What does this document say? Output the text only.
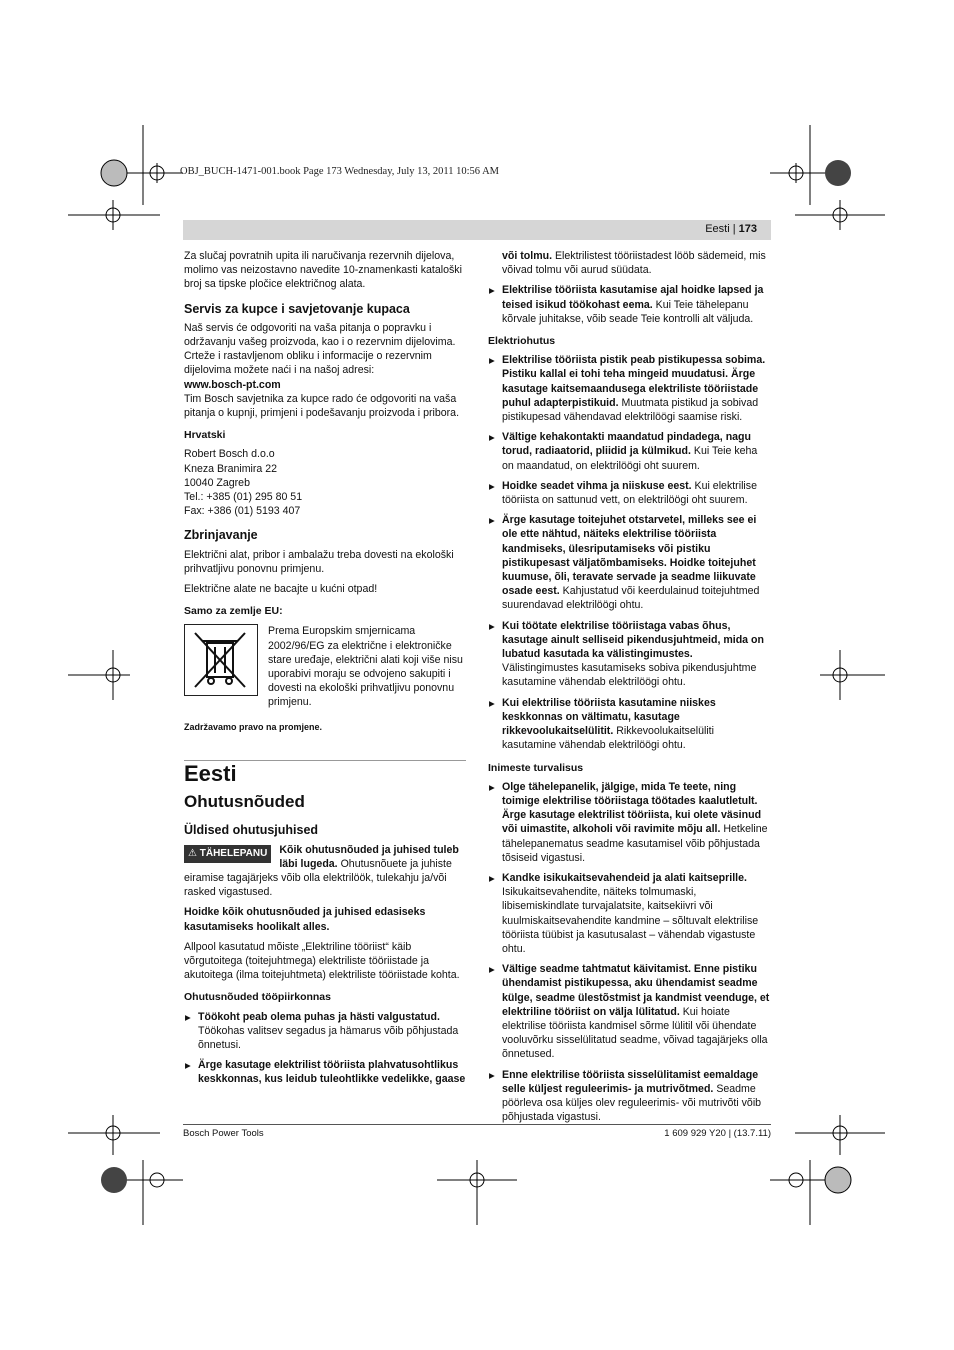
OBJ_BUCH-1471-001.book Page 173 Wednesday, July 13, 2011 10:56 AM
Eesti | 173

Za slučaj povratnih upita ili naručivanja rezervnih dijelova, molimo vas neizostavno navedite 10-znamenkasti kataloški broj sa tipske pločice električnog alata.

Servis za kupce i savjetovanje kupaca

Naš servis će odgovoriti na vaša pitanja o popravku i održavanju vašeg proizvoda, kao i o rezervnim dijelovima. Crteže i rastavljenom obliku i informacije o rezervnim dijelovima možete naći i na našoj adresi:

www.bosch-pt.com

Tim Bosch savjetnika za kupce rado će odgovoriti na vaša pitanja o kupnji, primjeni i podešavanju proizvoda i pribora.

Hrvatski

Robert Bosch d.o.o
Kneza Branimira 22
10040 Zagreb
Tel.: +385 (01) 295 80 51
Fax: +386 (01) 5193 407

Zbrinjavanje

Električni alat, pribor i ambalažu treba dovesti na ekološki prihvatljivu ponovnu primjenu.

Električne alate ne bacajte u kućni otpad!

Samo za zemlje EU:

Prema Europskim smjernicama 2002/96/EG za električne i elektroničke stare uređaje, električni alati koji više nisu uporabivi moraju se odvojeno sakupiti i dovesti na ekološki prihvatljivu ponovnu primjenu.

Zadržavamo pravo na promjene.

Eesti
Ohutusnõuded
Üldised ohutusjuhised

⚠ TÄHELEPANU	Kõik ohutusnõuded ja juhised tuleb läbi lugeda. Ohutusnõuete ja juhiste eiramise tagajärjeks võib olla elektrilöök, tulekahju ja/või rasked vigastused.

Hoidke kõik ohutusnõuded ja juhised edasiseks kasutamiseks hoolikalt alles.

Allpool kasutatud mõiste „Elektriline tööriist“ käib võrgutoitega (toitejuhtmega) elektriliste tööriistade ja akutoitega (ilma toitejuhtmeta) elektriliste tööriistade kohta.

Ohutusnõuded tööpiirkonnas
▶ Töökoht peab olema puhas ja hästi valgustatud. Töökohas valitsev segadus ja hämarus võib põhjustada õnnetusi.
▶ Ärge kasutage elektrilist tööriista plahvatusohtlikus keskkonnas, kus leidub tuleohtlikke vedelikke, gaase

või tolmu. Elektrilistest tööriistadest lööb sädemeid, mis võivad tolmu või aurud süüdata.

▶ Elektrilise tööriista kasutamise ajal hoidke lapsed ja teised isikud töökohast eema. Kui Teie tähelepanu kõrvale juhitakse, võib seade Teie kontrolli alt väljuda.
Elektriohutus
▶ Elektrilise tööriista pistik peab pistikupessa sobima. Pistiku kallal ei tohi teha mingeid muudatusi. Ärge kasutage kaitsemaandusega elektriliste tööriistade puhul adapterpistikuid. Muutmata pistikud ja sobivad pistikupesad vähendavad elektrilöögi saamise riski.
▶ Vältige kehakontakti maandatud pindadega, nagu torud, radiaatorid, pliidid ja külmikud. Kui Teie keha on maandatud, on elektrilöögi oht suurem.
▶ Hoidke seadet vihma ja niiskuse eest. Kui elektrilise tööriista on sattunud vett, on elektrilöögi oht suurem.
▶ Ärge kasutage toitejuhet otstarvetel, milleks see ei ole ette nähtud, näiteks elektrilise tööriista kandmiseks, ülesriputamiseks või pistiku pistikupesast väljatõmbamiseks. Hoidke toitejuhet kuumuse, õli, teravate servade ja seadme liikuvate osade eest. Kahjustatud või keerdulainud toitejuhtmed suurendavad elektrilöögi ohtu.
▶ Kui töötate elektrilise tööriistaga vabas õhus, kasutage ainult selliseid pikendusjuhtmeid, mida on lubatud kasutada ka välistingimustes. Välistingimustes kasutamiseks sobiva pikendusjuhtme kasutamine vähendab elektrilöögi ohtu.
▶ Kui elektrilise tööriista kasutamine niiskes keskkonnas on vältimatu, kasutage rikkevoolukaitselülitit. Rikkevoolukaitselüliti kasutamine vähendab elektrilöögi ohtu.
Inimeste turvalisus
▶ Olge tähelepanelik, jälgige, mida Te teete, ning toimige elektrilise tööriistaga töötades kaalutletult. Ärge kasutage elektrilist tööriista, kui olete väsinud või uimastite, alkoholi või ravimite mõju all. Hetkeline tähelepanematus seadme kasutamisel võib põhjustada tõsiseid vigastusi.
▶ Kandke isikukaitsevahendeid ja alati kaitseprille. Isikukaitsevahendite, näiteks tolmumaski, libisemiskindlate turvajalatsite, kaitsekiivri või kuulmiskaitsevahendite kandmine – sõltuvalt elektrilise tööriista tüübist ja kasutusalast – vähendab vigastuste ohtu.
▶ Vältige seadme tahtmatut käivitamist. Enne pistiku ühendamist pistikupessa, aku ühendamist seadme külge, seadme ülestõstmist ja kandmist veenduge, et elektriline tööriist on välja lülitatud. Kui hoiate elektrilise tööriista kandmisel sõrme lülitil või ühendate vooluvõrku sisselülitatud seadme, võivad tagajärjeks olla õnnetused.
▶ Enne elektrilise tööriista sisselülitamist eemaldage selle küljest reguleerimis- ja mutrivõtmed. Seadme pöörleva osa küljes olev reguleerimis- või mutrivõti võib põhjustada vigastusi.
Bosch Power Tools	1 609 929 Y20 | (13.7.11)
